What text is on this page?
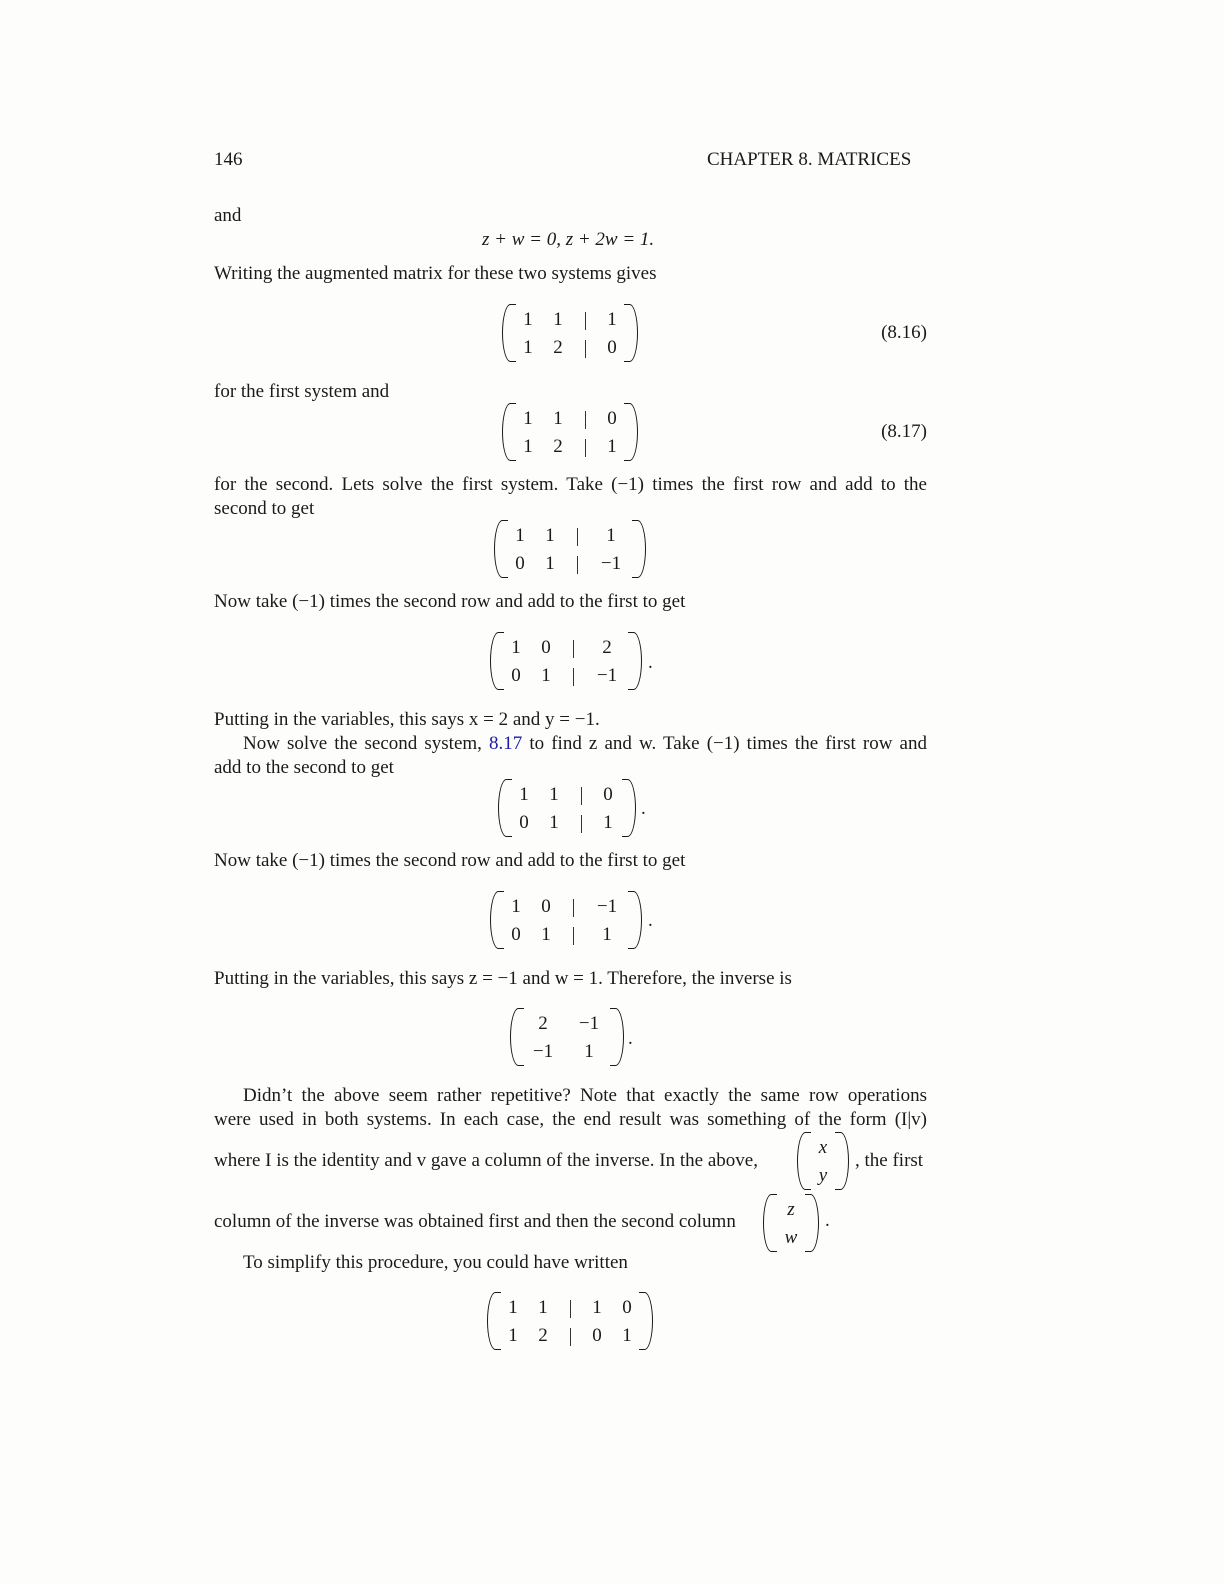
146	CHAPTER 8. MATRICES
and
z + w = 0, z + 2w = 1.
Writing the augmented matrix for these two systems gives
1	1	1
1	2	0
(8.16)
for the first system and
1	1	0
1	2	1
(8.17)
for the second. Lets solve the first system. Take (−1) times the first row and add to the
second to get
1	1	1
0	1	−1
Now take (−1) times the second row and add to the first to get
1	0	2
0	1	−1
.
Putting in the variables, this says x = 2 and y = −1.
Now solve the second system, 8.17 to find z and w. Take (−1) times the first row and
add to the second to get
1	1	0
0	1	1
.
Now take (−1) times the second row and add to the first to get
1	0	−1
0	1	1
.
Putting in the variables, this says z = −1 and w = 1. Therefore, the inverse is
2	−1
−1	1
.
Didn’t the above seem rather repetitive? Note that exactly the same row operations
were used in both systems. In each case, the end result was something of the form (I|v)
where I is the identity and v gave a column of the inverse. In the above,
x
y
, the first
column of the inverse was obtained first and then the second column
z
w
.
To simplify this procedure, you could have written
1	1	1	0
1	2	0	1
